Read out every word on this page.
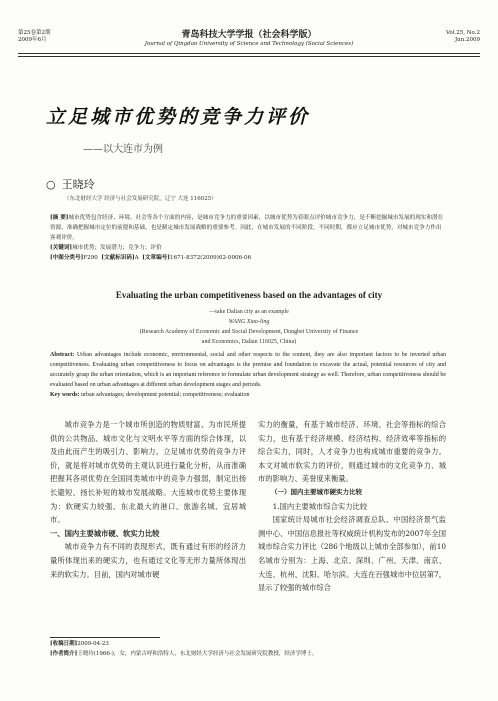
第25卷第2期
2009年6月	青岛科技大学学报（社会科学版）
Journal of Qingdao University of Science and Technology (Social Sciences)
Vol.25, No.2
Jun.2009
立足城市优势的竞争力评价
——以大连市为例
○ 王晓玲
（东北财经大学 经济与社会发展研究院，辽宁 大连 116025）

[摘 要]城市优势包含经济、环境、社会等各个方面的内容，是城市竞争力的重要因素，以城市优势为着眼点评价城市竞争力，是不断挖掘城市发展的现实和潜在资源、准确把握城市定位的前提和基础，也是制定城市发展战略的重要参考。因此，在城市发展的不同阶段、不同时期，都应立足城市优势，对城市竞争力作出客观评价。

[关键词]城市优势；发展潜力；竞争力；评价

[中图分类号]F290 [文献标识码]A [文章编号]1671-8372(2009)02-0006-06

Evaluating the urban competitiveness based on the advantages of city
—take Dalian city as an example
WANG Xiao-ling
(Research Academy of Economic and Social Development, Dongbei University of Finance
and Economics, Dalian 116025, China)

Abstract: Urban advantages include economic, environmental, social and other respects to the content, they are also important factors to be inverted urban competitiveness. Evaluating urban competitiveness to focus on advantages is the premise and foundation to excavate the actual, potential resources of city and accurately grasp the urban orientation, which is an important reference to formulate urban development strategy as well. Therefore, urban competitiveness should be evaluated based on urban advantages at different urban development stages and periods.

Key words: urban advantages; development potential; competitiveness; evaluation

城市竞争力是一个城市所创造的物质财富、为市民所提供的公共物品、城市文化与文明水平等方面的综合体现，以及由此而产生的吸引力、影响力。立足城市优势的竞争力评价，就是将对城市优势的主观认识进行量化分析，从而准确把握其各项优势在全国同类城市中的竞争力强弱，制定出扬长避短、扬长补短的城市发展战略。大连城市优势主要体现为：软硬实力较强、东北最大的港口、旅游名城、宜居城市。

一、国内主要城市硬、软实力比较

城市竞争力有不同的表现形式，既有通过有形的经济力量所体现出来的硬实力，也有通过文化等无形力量所体现出来的软实力。目前，国内对城市硬

实力的衡量，有基于城市经济、环境、社会等指标的综合实力，也有基于经济规模、经济结构、经济效率等指标的综合实力，同时，人才竞争力也构成城市重要的竞争力。本文对城市软实力的评价，则通过城市的文化竞争力、城市的影响力、美誉度来衡量。

（一）国内主要城市硬实力比较

1.国内主要城市综合实力比较

国家统计局城市社会经济调查总队、中国经济景气监测中心、中国信息报社等权威统计机构发布的2007年全国城市综合实力评比（286个地级以上城市全部参加），前10名城市分别为：上海、北京、深圳、广州、天津、南京、大连、杭州、沈阳、哈尔滨。大连在百强城市中位居第7，显示了较强的城市综合

[收稿日期]2009-04-23
[作者简介]王晓玲(1966-)，女，内蒙古呼和浩特人，东北财经大学经济与社会发展研究院教授，经济学博士。
